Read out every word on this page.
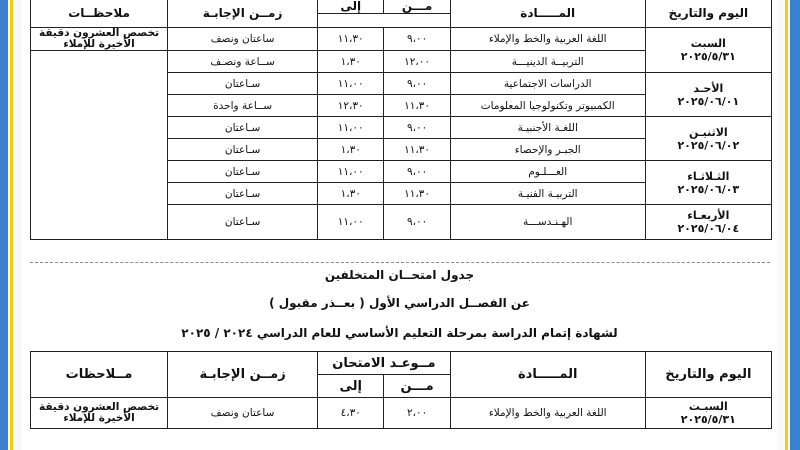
اليوم والتاريخ	المـــــادة	مـــن	إلى	زمــن الإجابـة	ملاحظــات

السبت
٢٠٢٥/٥/٣١	اللغة العربية والخط والإملاء	٩،٠٠	١١،٣٠	ساعتان ونصف	تخصص العشرون دقيقة الأخيرة للإملاء
	التربيــة الدينيـــة	١٢،٠٠	١،٣٠	ســاعة ونصـف	

الأحـد
٢٠٢٥/٠٦/٠١	الدراسات الاجتماعية	٩،٠٠	١١،٠٠	سـاعتان	
	الكمبيوتر وتكنولوجيا المعلومات	١١،٣٠	١٢،٣٠	ســاعة واحدة	

الاثنيـن
٢٠٢٥/٠٦/٠٢	اللغـة الأجنبيـة	٩،٠٠	١١،٠٠	سـاعتان	
	الجبـر والإحصاء	١١،٣٠	١،٣٠	سـاعتان	

الثـلاثـاء
٢٠٢٥/٠٦/٠٣	العـــلـوم	٩،٠٠	١١،٠٠	سـاعتان	
	التربيـة الفنيـة	١١،٣٠	١،٣٠	سـاعتان	

الأربعـاء
٢٠٢٥/٠٦/٠٤	الهـنـدســـة	٩،٠٠	١١،٠٠	سـاعتان	
جدول امتحــان المتخلفين
عن الفصــل الدراسي الأول ( بعــذر مقبول )
لشهادة إتمام الدراسة بمرحلة التعليم الأساسي للعام الدراسي ٢٠٢٤ / ٢٠٢٥
اليوم والتاريخ	المـــــادة	مــوعـد الامتحان		زمــن الإجابـة	مــلاحظات
		مـــن	إلى		

السبـت
٢٠٢٥/٥/٣١	اللغة العربية والخط والإملاء	٢،٠٠	٤،٣٠	ساعتان ونصف	تخصص العشرون دقيقة الأخيرة للإملاء
